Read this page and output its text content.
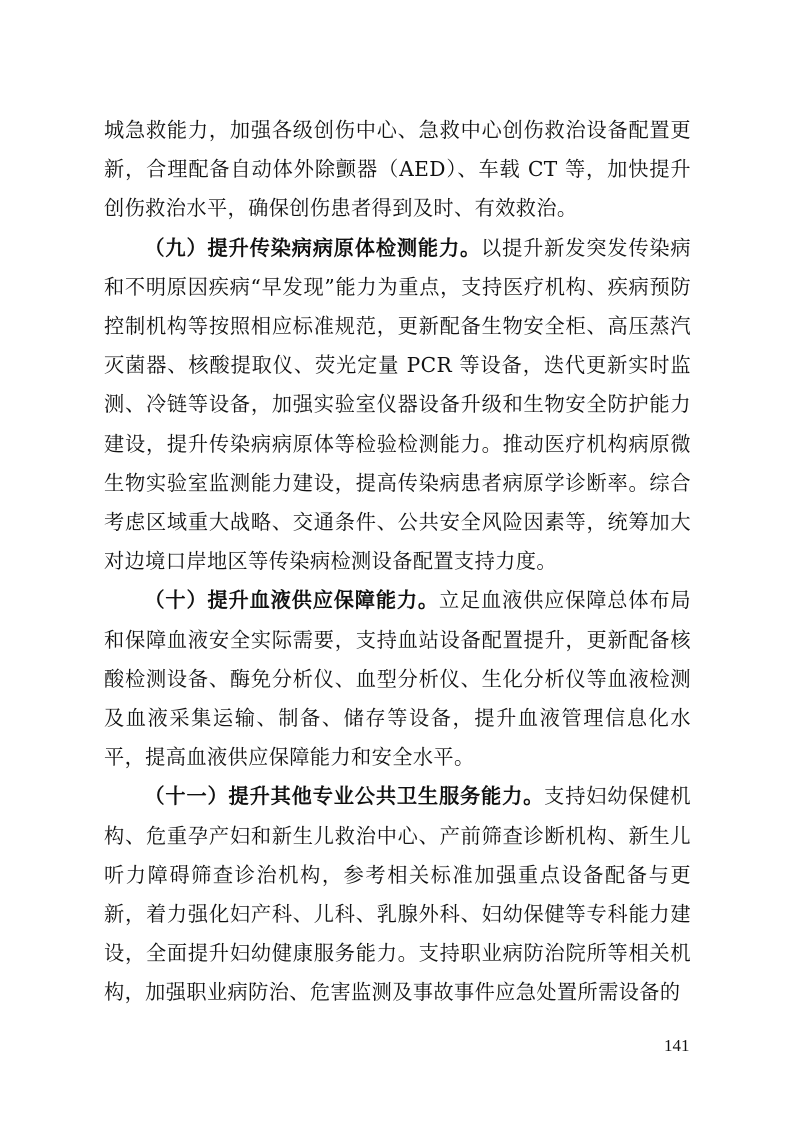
城急救能力，加强各级创伤中心、急救中心创伤救治设备配置更新，合理配备自动体外除颤器（AED）、车载 CT 等，加快提升创伤救治水平，确保创伤患者得到及时、有效救治。

（九）提升传染病病原体检测能力。以提升新发突发传染病和不明原因疾病“早发现”能力为重点，支持医疗机构、疾病预防控制机构等按照相应标准规范，更新配备生物安全柜、高压蒸汽灭菌器、核酸提取仪、荧光定量 PCR 等设备，迭代更新实时监测、冷链等设备，加强实验室仪器设备升级和生物安全防护能力建设，提升传染病病原体等检验检测能力。推动医疗机构病原微生物实验室监测能力建设，提高传染病患者病原学诊断率。综合考虑区域重大战略、交通条件、公共安全风险因素等，统筹加大对边境口岸地区等传染病检测设备配置支持力度。

（十）提升血液供应保障能力。立足血液供应保障总体布局和保障血液安全实际需要，支持血站设备配置提升，更新配备核酸检测设备、酶免分析仪、血型分析仪、生化分析仪等血液检测及血液采集运输、制备、储存等设备，提升血液管理信息化水平，提高血液供应保障能力和安全水平。

（十一）提升其他专业公共卫生服务能力。支持妇幼保健机构、危重孕产妇和新生儿救治中心、产前筛查诊断机构、新生儿听力障碍筛查诊治机构，参考相关标准加强重点设备配备与更新，着力强化妇产科、儿科、乳腺外科、妇幼保健等专科能力建设，全面提升妇幼健康服务能力。支持职业病防治院所等相关机构，加强职业病防治、危害监测及事故事件应急处置所需设备的

141
